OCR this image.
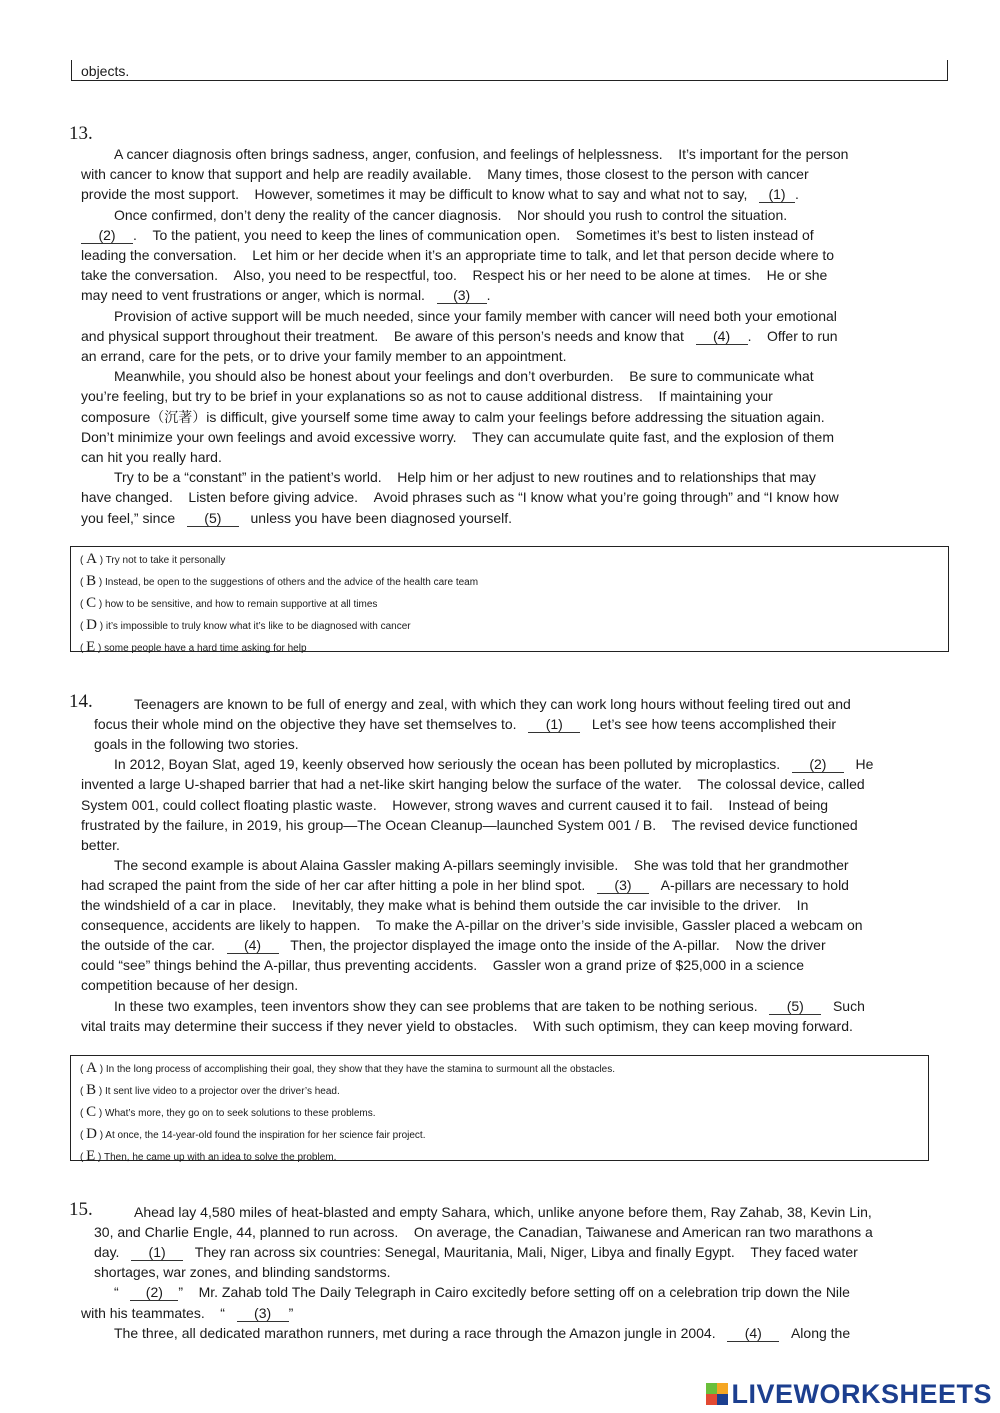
objects.
13.
A cancer diagnosis often brings sadness, anger, confusion, and feelings of helplessness.    It’s important for the person
with cancer to know that support and help are readily available.    Many times, those closest to the person with cancer
provide the most support.    However, sometimes it may be difficult to know what to say and what not to say, (1) .
Once confirmed, don’t deny the reality of the cancer diagnosis.    Nor should you rush to control the situation.
(2) .    To the patient, you need to keep the lines of communication open.    Sometimes it’s best to listen instead of
leading the conversation.    Let him or her decide when it’s an appropriate time to talk, and let that person decide where to
take the conversation.    Also, you need to be respectful, too.    Respect his or her need to be alone at times.    He or she
may need to vent frustrations or anger, which is normal. (3) .
Provision of active support will be much needed, since your family member with cancer will need both your emotional
and physical support throughout their treatment.    Be aware of this person’s needs and know that (4) .    Offer to run
an errand, care for the pets, or to drive your family member to an appointment.
Meanwhile, you should also be honest about your feelings and don’t overburden.    Be sure to communicate what
you’re feeling, but try to be brief in your explanations so as not to cause additional distress.    If maintaining your
composure（沉著）is difficult, give yourself some time away to calm your feelings before addressing the situation again.
Don’t minimize your own feelings and avoid excessive worry.    They can accumulate quite fast, and the explosion of them
can hit you really hard.
Try to be a “constant” in the patient’s world.    Help him or her adjust to new routines and to relationships that may
have changed.    Listen before giving advice.    Avoid phrases such as “I know what you’re going through” and “I know how
you feel,” since (5) unless you have been diagnosed yourself.
( A ) Try not to take it personally
( B ) Instead, be open to the suggestions of others and the advice of the health care team
( C ) how to be sensitive, and how to remain supportive at all times
( D ) it’s impossible to truly know what it’s like to be diagnosed with cancer
( E ) some people have a hard time asking for help
14.	Teenagers are known to be full of energy and zeal, with which they can work long hours without feeling tired out and
focus their whole mind on the objective they have set themselves to. (1) Let’s see how teens accomplished their
goals in the following two stories.
In 2012, Boyan Slat, aged 19, keenly observed how seriously the ocean has been polluted by microplastics. (2) He
invented a large U-shaped barrier that had a net-like skirt hanging below the surface of the water.    The colossal device, called
System 001, could collect floating plastic waste.    However, strong waves and current caused it to fail.    Instead of being
frustrated by the failure, in 2019, his group—The Ocean Cleanup—launched System 001 / B.    The revised device functioned
better.
The second example is about Alaina Gassler making A-pillars seemingly invisible.    She was told that her grandmother
had scraped the paint from the side of her car after hitting a pole in her blind spot. (3) A-pillars are necessary to hold
the windshield of a car in place.    Inevitably, they make what is behind them outside the car invisible to the driver.    In
consequence, accidents are likely to happen.    To make the A-pillar on the driver’s side invisible, Gassler placed a webcam on
the outside of the car. (4) Then, the projector displayed the image onto the inside of the A-pillar.    Now the driver
could “see” things behind the A-pillar, thus preventing accidents.    Gassler won a grand prize of $25,000 in a science
competition because of her design.
In these two examples, teen inventors show they can see problems that are taken to be nothing serious. (5) Such
vital traits may determine their success if they never yield to obstacles.    With such optimism, they can keep moving forward.
( A ) In the long process of accomplishing their goal, they show that they have the stamina to surmount all the obstacles.
( B ) It sent live video to a projector over the driver’s head.
( C ) What’s more, they go on to seek solutions to these problems.
( D ) At once, the 14-year-old found the inspiration for her science fair project.
( E ) Then, he came up with an idea to solve the problem.
15.	Ahead lay 4,580 miles of heat-blasted and empty Sahara, which, unlike anyone before them, Ray Zahab, 38, Kevin Lin,
30, and Charlie Engle, 44, planned to run across.    On average, the Canadian, Taiwanese and American ran two marathons a
day. (1) They ran across six countries: Senegal, Mauritania, Mali, Niger, Libya and finally Egypt.    They faced water
shortages, war zones, and blinding sandstorms.
“ (2) ”    Mr. Zahab told The Daily Telegraph in Cairo excitedly before setting off on a celebration trip down the Nile
with his teammates.    “ (3) ”
The three, all dedicated marathon runners, met during a race through the Amazon jungle in 2004. (4) Along the
LIVEWORKSHEETS
